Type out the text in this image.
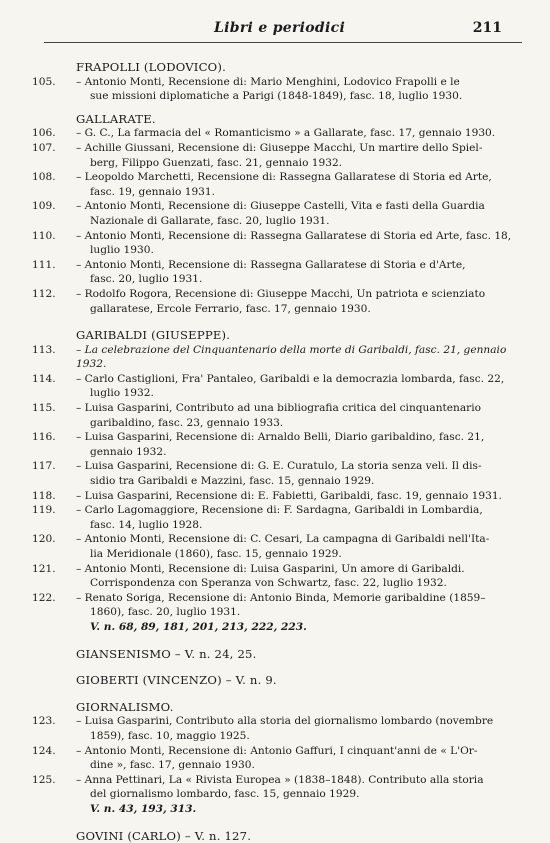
Libri e periodici	211
FRAPOLLI (LODOVICO).
105.	– Antonio Monti, Recensione di: Mario Menghini, Lodovico Frapolli e le
sue missioni diplomatiche a Parigi (1848-1849), fasc. 18, luglio 1930.
GALLARATE.
106.	– G. C., La farmacia del « Romanticismo » a Gallarate, fasc. 17, gennaio 1930.
107.	– Achille Giussani, Recensione di: Giuseppe Macchi, Un martire dello Spiel-
berg, Filippo Guenzati, fasc. 21, gennaio 1932.
108.	– Leopoldo Marchetti, Recensione di: Rassegna Gallaratese di Storia ed Arte,
fasc. 19, gennaio 1931.
109.	– Antonio Monti, Recensione di: Giuseppe Castelli, Vita e fasti della Guardia
Nazionale di Gallarate, fasc. 20, luglio 1931.
110.	– Antonio Monti, Recensione di: Rassegna Gallaratese di Storia ed Arte, fasc. 18,
luglio 1930.
111.	– Antonio Monti, Recensione di: Rassegna Gallaratese di Storia e d'Arte,
fasc. 20, luglio 1931.
112.	– Rodolfo Rogora, Recensione di: Giuseppe Macchi, Un patriota e scienziato
gallaratese, Ercole Ferrario, fasc. 17, gennaio 1930.
GARIBALDI (GIUSEPPE).
113.	– La celebrazione del Cinquantenario della morte di Garibaldi, fasc. 21, gennaio 1932.
114.	– Carlo Castiglioni, Fra' Pantaleo, Garibaldi e la democrazia lombarda, fasc. 22,
luglio 1932.
115.	– Luisa Gasparini, Contributo ad una bibliografia critica del cinquantenario
garibaldino, fasc. 23, gennaio 1933.
116.	– Luisa Gasparini, Recensione di: Arnaldo Belli, Diario garibaldino, fasc. 21,
gennaio 1932.
117.	– Luisa Gasparini, Recensione di: G. E. Curatulo, La storia senza veli. Il dis-
sidio tra Garibaldi e Mazzini, fasc. 15, gennaio 1929.
118.	– Luisa Gasparini, Recensione di: E. Fabietti, Garibaldi, fasc. 19, gennaio 1931.
119.	– Carlo Lagomaggiore, Recensione di: F. Sardagna, Garibaldi in Lombardia,
fasc. 14, luglio 1928.
120.	– Antonio Monti, Recensione di: C. Cesari, La campagna di Garibaldi nell'Ita-
lia Meridionale (1860), fasc. 15, gennaio 1929.
121.	– Antonio Monti, Recensione di: Luisa Gasparini, Un amore di Garibaldi.
Corrispondenza con Speranza von Schwartz, fasc. 22, luglio 1932.
122.	– Renato Soriga, Recensione di: Antonio Binda, Memorie garibaldine (1859–
1860), fasc. 20, luglio 1931.
V. n. 68, 89, 181, 201, 213, 222, 223.
GIANSENISMO – V. n. 24, 25.
GIOBERTI (VINCENZO) – V. n. 9.
GIORNALISMO.
123.	– Luisa Gasparini, Contributo alla storia del giornalismo lombardo (novembre
1859), fasc. 10, maggio 1925.
124.	– Antonio Monti, Recensione di: Antonio Gaffuri, I cinquant'anni de « L'Or-
dine », fasc. 17, gennaio 1930.
125.	– Anna Pettinari, La « Rivista Europea » (1838–1848). Contributo alla storia
del giornalismo lombardo, fasc. 15, gennaio 1929.
V. n. 43, 193, 313.
GOVINI (CARLO) – V. n. 127.
